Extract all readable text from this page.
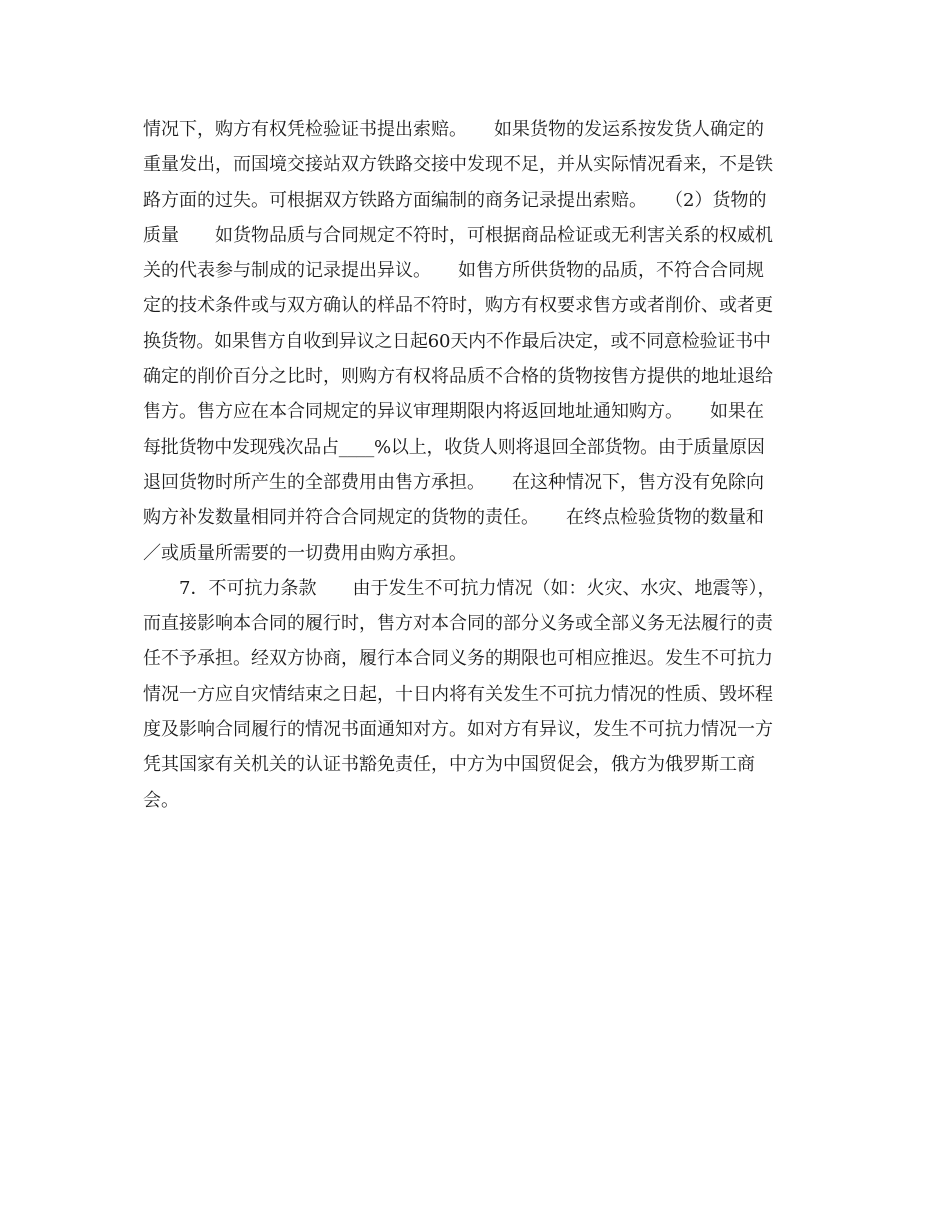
情况下，购方有权凭检验证书提出索赔。　　如果货物的发运系按发货人确定的

重量发出，而国境交接站双方铁路交接中发现不足，并从实际情况看来，不是铁

路方面的过失。可根据双方铁路方面编制的商务记录提出索赔。　　（2）货物的

质量　　如货物品质与合同规定不符时，可根据商品检证或无利害关系的权威机

关的代表参与制成的记录提出异议。　　如售方所供货物的品质，不符合合同规

定的技术条件或与双方确认的样品不符时，购方有权要求售方或者削价、或者更

换货物。如果售方自收到异议之日起60天内不作最后决定，或不同意检验证书中

确定的削价百分之比时，则购方有权将品质不合格的货物按售方提供的地址退给

售方。售方应在本合同规定的异议审理期限内将返回地址通知购方。　　如果在

每批货物中发现残次品占____%以上，收货人则将退回全部货物。由于质量原因

退回货物时所产生的全部费用由售方承担。　　在这种情况下，售方没有免除向

购方补发数量相同并符合合同规定的货物的责任。　　在终点检验货物的数量和

／或质量所需要的一切费用由购方承担。

　　7．不可抗力条款　　由于发生不可抗力情况（如：火灾、水灾、地震等），

而直接影响本合同的履行时，售方对本合同的部分义务或全部义务无法履行的责

任不予承担。经双方协商，履行本合同义务的期限也可相应推迟。发生不可抗力

情况一方应自灾情结束之日起，十日内将有关发生不可抗力情况的性质、毁坏程

度及影响合同履行的情况书面通知对方。如对方有异议，发生不可抗力情况一方

凭其国家有关机关的认证书豁免责任，中方为中国贸促会，俄方为俄罗斯工商

会。
